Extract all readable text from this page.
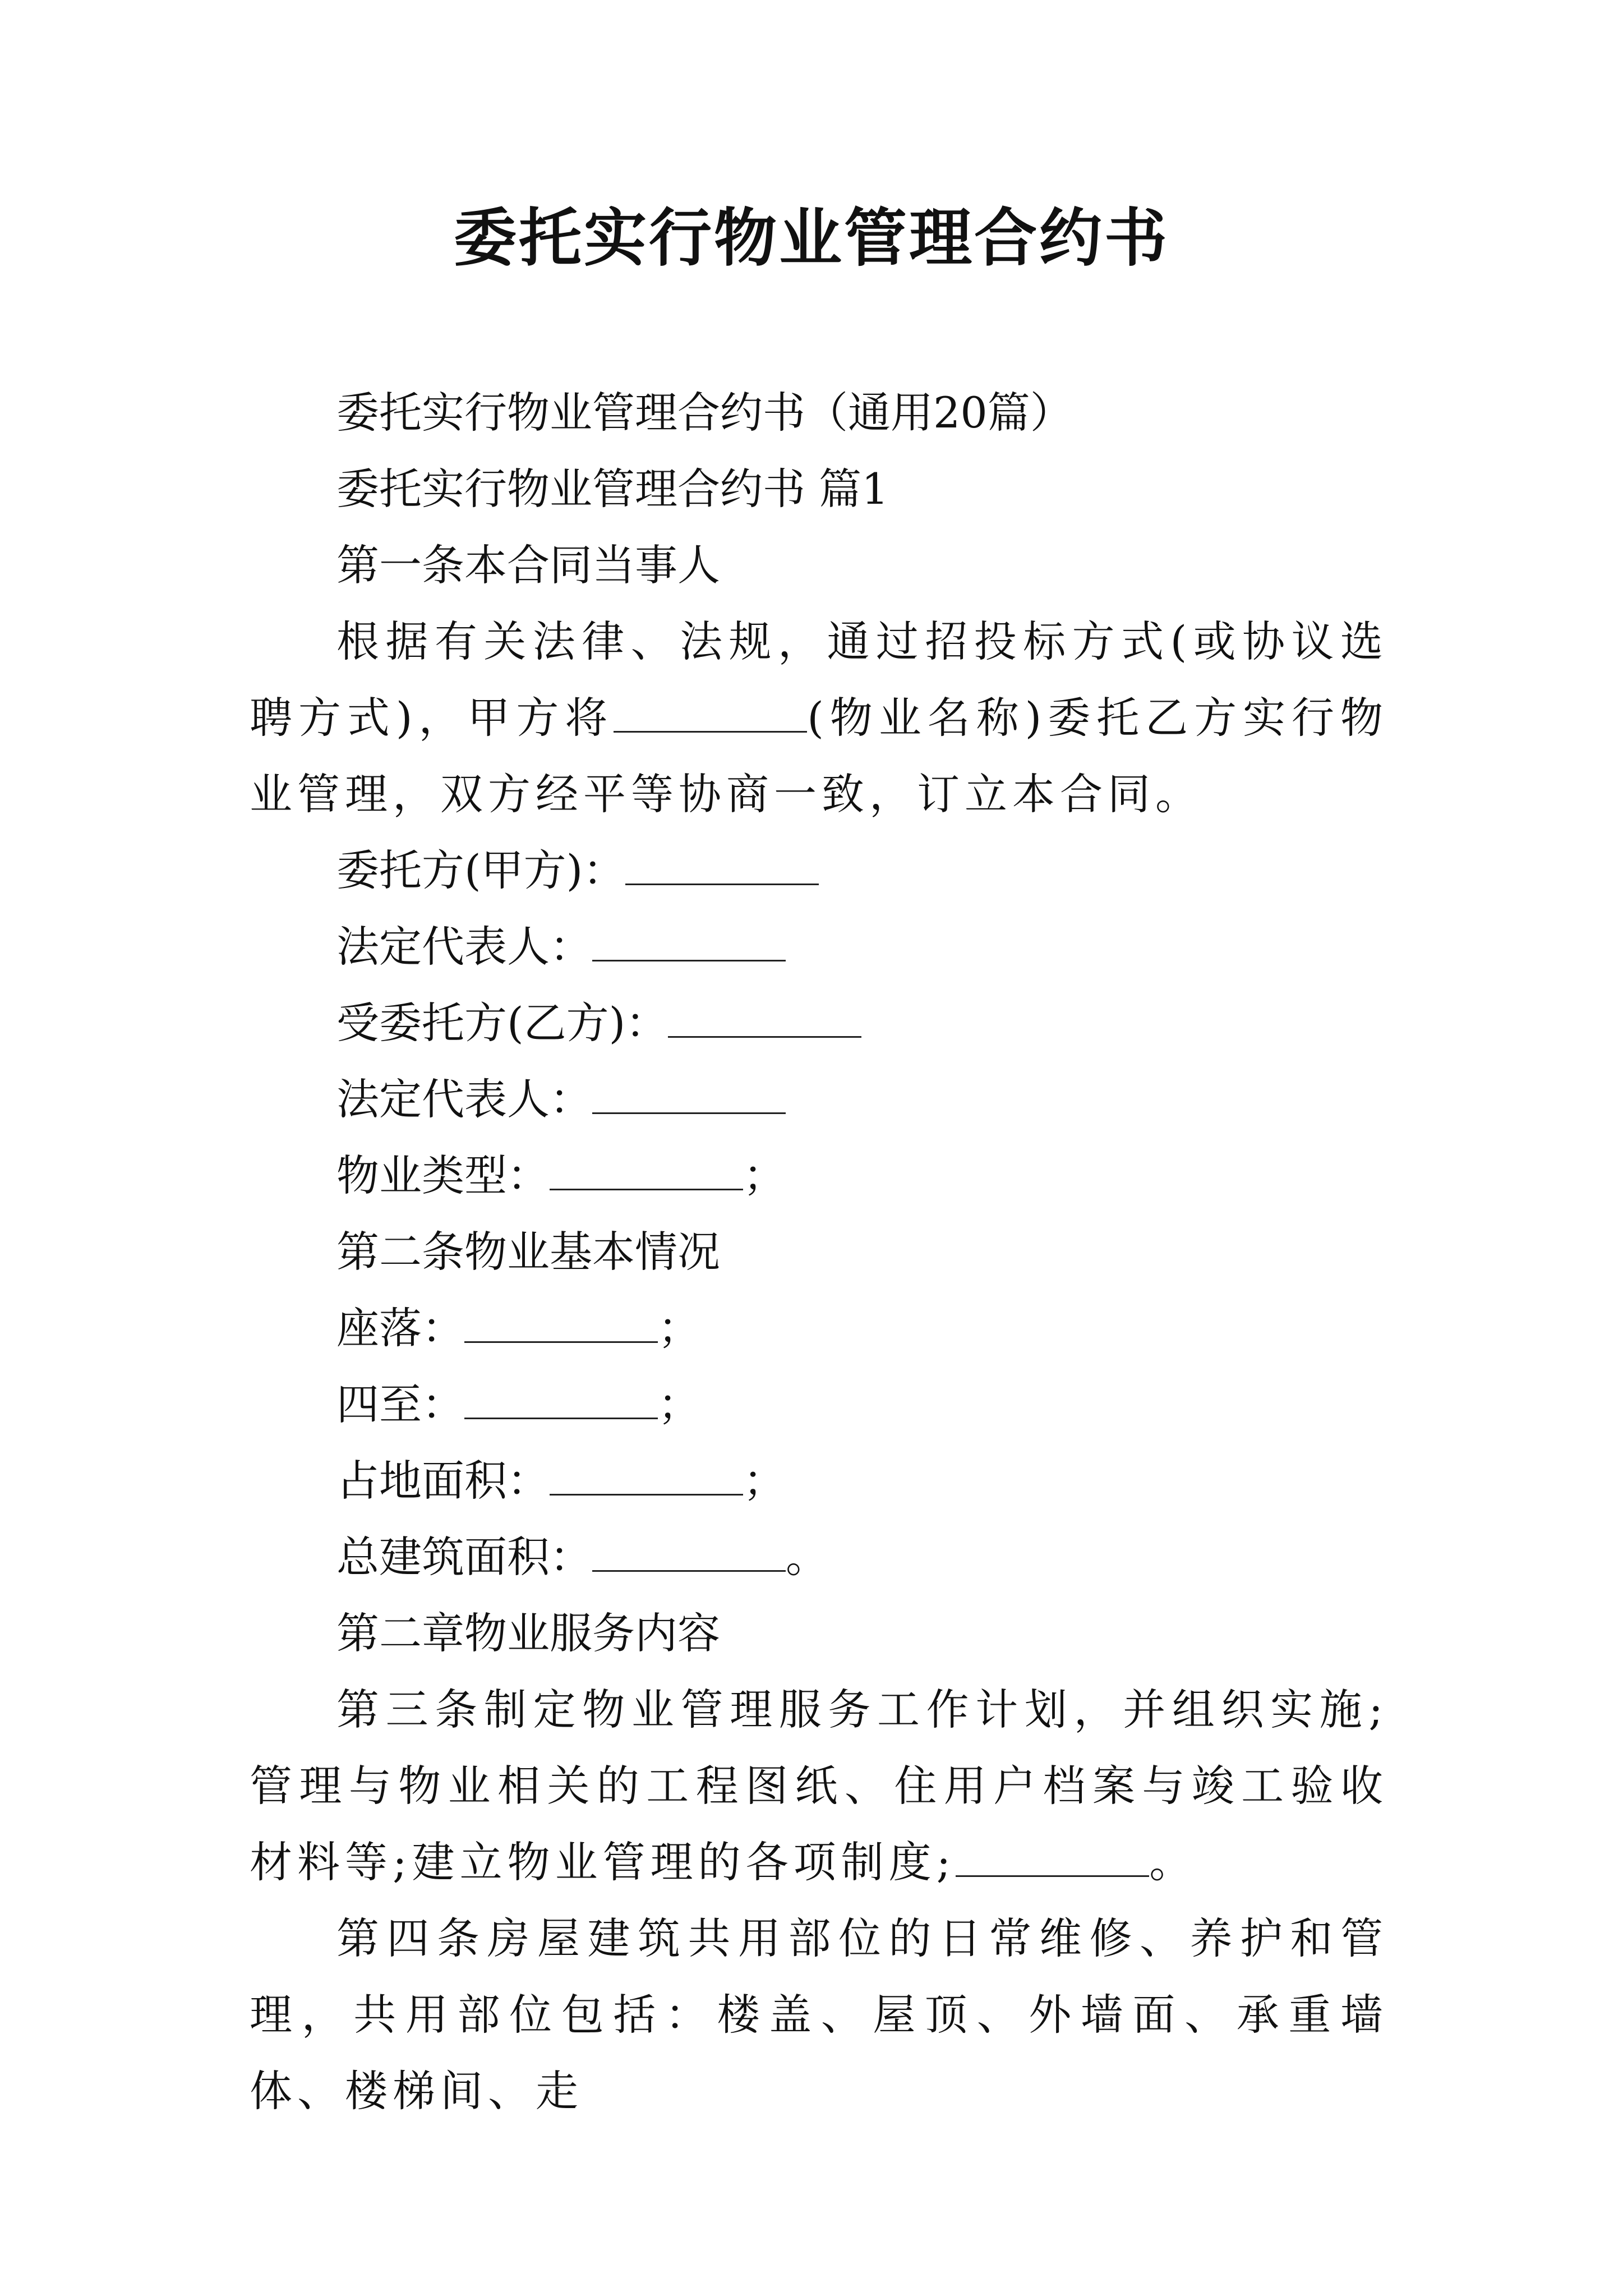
委托实行物业管理合约书

委托实行物业管理合约书（通用20篇）

委托实行物业管理合约书 篇1

第一条本合同当事人

根据有关法律、法规，通过招投标方式(或协议选聘方式)，甲方将	(物业名称)委托乙方实行物业管理，双方经平等协商一致，订立本合同。

委托方(甲方)：

法定代表人：

受委托方(乙方)：

法定代表人：

物业类型：	；

第二条物业基本情况

座落：	；

四至：	；

占地面积：	；

总建筑面积：	。

第二章物业服务内容

第三条制定物业管理服务工作计划，并组织实施;管理与物业相关的工程图纸、住用户档案与竣工验收材料等;建立物业管理的各项制度;	。

第四条房屋建筑共用部位的日常维修、养护和管理，共用部位包括：楼盖、屋顶、外墙面、承重墙体、楼梯间、走
